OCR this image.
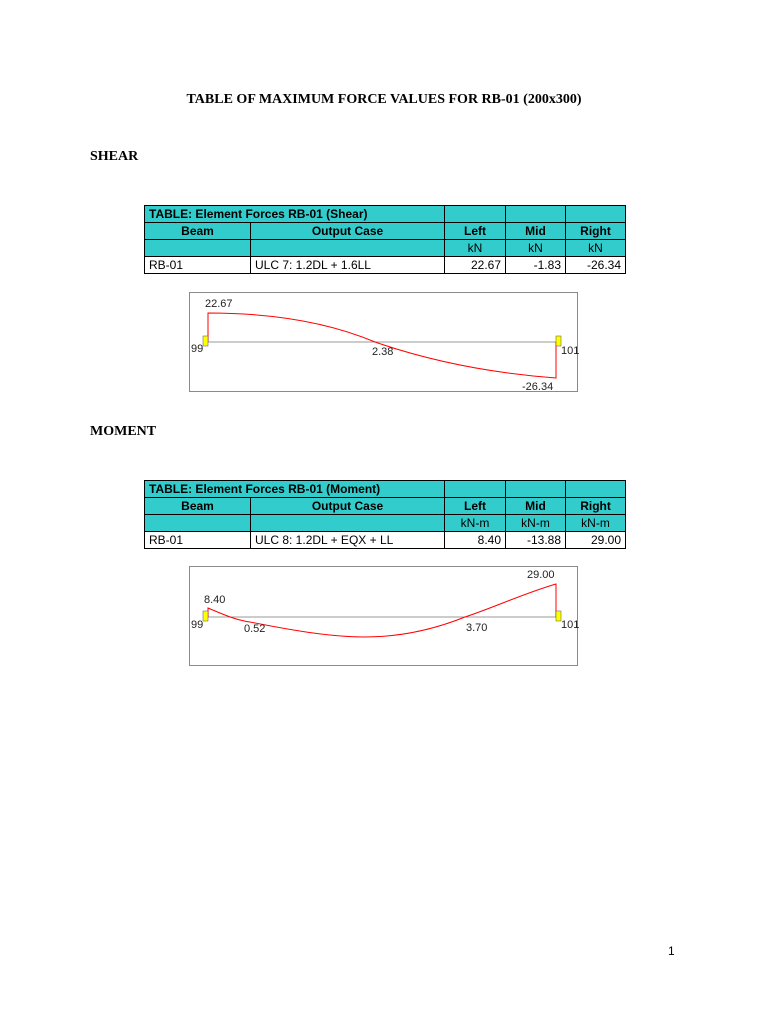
TABLE OF MAXIMUM FORCE VALUES FOR RB-01 (200x300)
SHEAR
TABLE: Element Forces RB-01 (Shear)				
Beam	Output Case	Left	Mid	Right
		kN	kN	kN
RB-01	ULC 7: 1.2DL + 1.6LL	22.67	-1.83	-26.34
99	101
22.67
2.38
-26.34
MOMENT
TABLE: Element Forces RB-01 (Moment)				
Beam	Output Case	Left	Mid	Right
		kN-m	kN-m	kN-m
RB-01	ULC 8: 1.2DL + EQX + LL	8.40	-13.88	29.00
99	101
8.40
0.52	3.70
29.00
1
